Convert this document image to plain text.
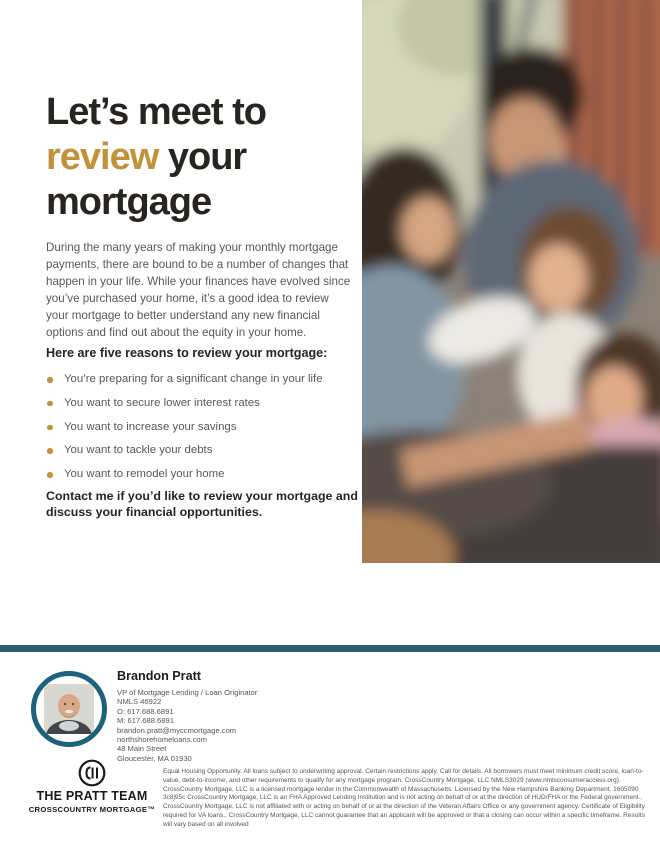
Let’s meet to review your mortgage

During the many years of making your monthly mortgage payments, there are bound to be a number of changes that happen in your life. While your finances have evolved since you’ve purchased your home, it’s a good idea to review your mortgage to better understand any new financial options and find out about the equity in your home.

Here are five reasons to review your mortgage:
You’re preparing for a significant change in your life
You want to secure lower interest rates
You want to increase your savings
You want to tackle your debts
You want to remodel your home

Contact me if you’d like to review your mortgage and discuss your financial opportunities.

Brandon Pratt

VP of Mortgage Lending / Loan Originator

NMLS 46922

O: 617.688.6891

M: 617.688.6891

brandon.pratt@myccmortgage.com

northshorehomeloans.com

48 Main Street

Gloucester, MA 01930

THE PRATT TEAM

CROSSCOUNTRY MORTGAGE™

Equal Housing Opportunity. All loans subject to underwriting approval. Certain restrictions apply. Call for details. All borrowers must meet minimum credit score, loan-to-value, debt-to-income, and other requirements to qualify for any mortgage program. CrossCountry Mortgage, LLC NMLS3029 (www.nmlsconsumeraccess.org). CrossCountry Mortgage, LLC is a licensed mortgage lender in the Commonwealth of Massachusetts. Licensed by the New Hampshire Banking Department. 1605090 3c8j95c CrossCountry Mortgage, LLC is an FHA Approved Lending Institution and is not acting on behalf of or at the direction of HUD/FHA or the Federal government., CrossCountry Mortgage, LLC is not affiliated with or acting on behalf of or at the direction of the Veteran Affairs Office or any government agency. Certificate of Eligibility required for VA loans., CrossCountry Mortgage, LLC cannot guarantee that an applicant will be approved or that a closing can occur within a specific timeframe. Results will vary based on all involved
